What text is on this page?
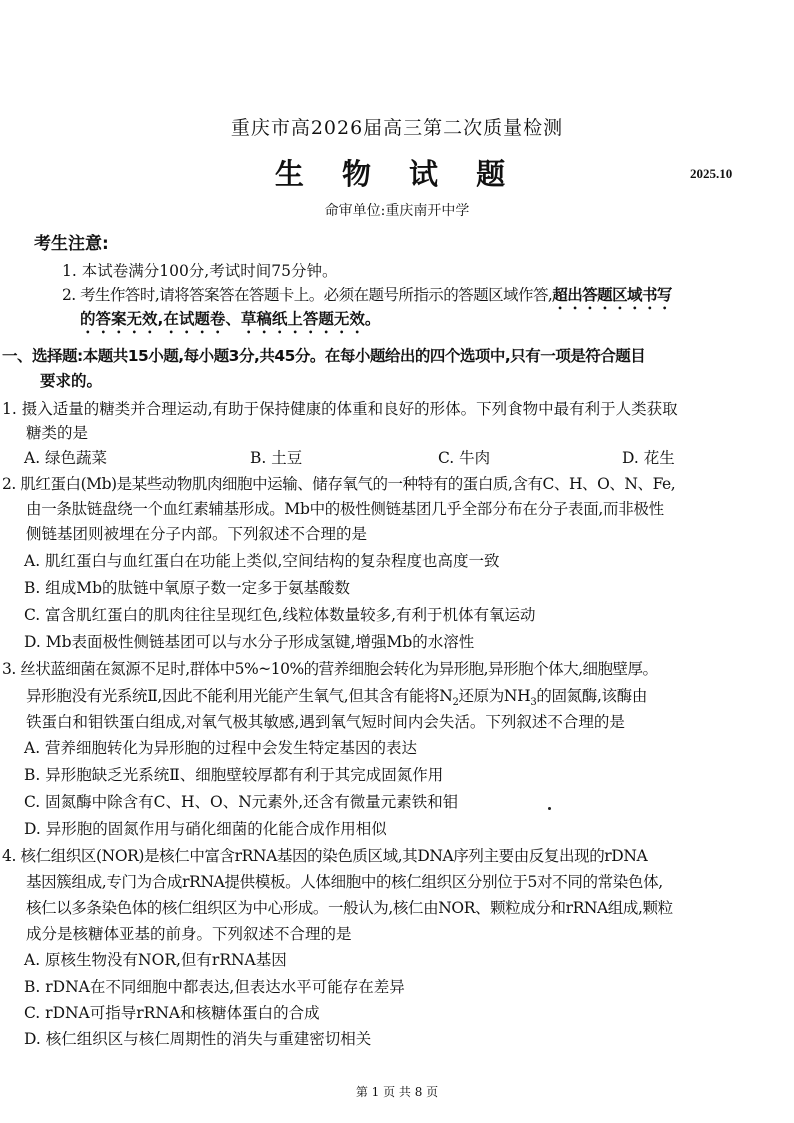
重庆市高2026届高三第二次质量检测
生 物 试 题	2025.10
命审单位:重庆南开中学
考生注意:
1. 本试卷满分100分,考试时间75分钟。
2. 考生作答时,请将答案答在答题卡上。必须在题号所指示的答题区域作答,超出答题区域书写
的答案无效,在试题卷、草稿纸上答题无效。
一、选择题:本题共15小题,每小题3分,共45分。在每小题给出的四个选项中,只有一项是符合题目
要求的。
1. 摄入适量的糖类并合理运动,有助于保持健康的体重和良好的形体。下列食物中最有利于人类获取
糖类的是
A. 绿色蔬菜	B. 土豆	C. 牛肉	D. 花生
2. 肌红蛋白(Mb)是某些动物肌肉细胞中运输、储存氧气的一种特有的蛋白质,含有C、H、O、N、Fe,
由一条肽链盘绕一个血红素辅基形成。Mb中的极性侧链基团几乎全部分布在分子表面,而非极性
侧链基团则被埋在分子内部。下列叙述不合理的是
A. 肌红蛋白与血红蛋白在功能上类似,空间结构的复杂程度也高度一致
B. 组成Mb的肽链中氧原子数一定多于氨基酸数
C. 富含肌红蛋白的肌肉往往呈现红色,线粒体数量较多,有利于机体有氧运动
D. Mb表面极性侧链基团可以与水分子形成氢键,增强Mb的水溶性
3. 丝状蓝细菌在氮源不足时,群体中5%~10%的营养细胞会转化为异形胞,异形胞个体大,细胞壁厚。
异形胞没有光系统Ⅱ,因此不能利用光能产生氧气,但其含有能将$N_2$还原为$NH_3$的固氮酶,该酶由
铁蛋白和钼铁蛋白组成,对氧气极其敏感,遇到氧气短时间内会失活。下列叙述不合理的是
A. 营养细胞转化为异形胞的过程中会发生特定基因的表达
B. 异形胞缺乏光系统Ⅱ、细胞壁较厚都有利于其完成固氮作用
C. 固氮酶中除含有C、H、O、N元素外,还含有微量元素铁和钼
D. 异形胞的固氮作用与硝化细菌的化能合成作用相似
4. 核仁组织区(NOR)是核仁中富含rRNA基因的染色质区域,其DNA序列主要由反复出现的rDNA
基因簇组成,专门为合成rRNA提供模板。人体细胞中的核仁组织区分别位于5对不同的常染色体,
核仁以多条染色体的核仁组织区为中心形成。一般认为,核仁由NOR、颗粒成分和rRNA组成,颗粒
成分是核糖体亚基的前身。下列叙述不合理的是
A. 原核生物没有NOR,但有rRNA基因
B. rDNA在不同细胞中都表达,但表达水平可能存在差异
C. rDNA可指导rRNA和核糖体蛋白的合成
D. 核仁组织区与核仁周期性的消失与重建密切相关
第 1 页 共 8 页
